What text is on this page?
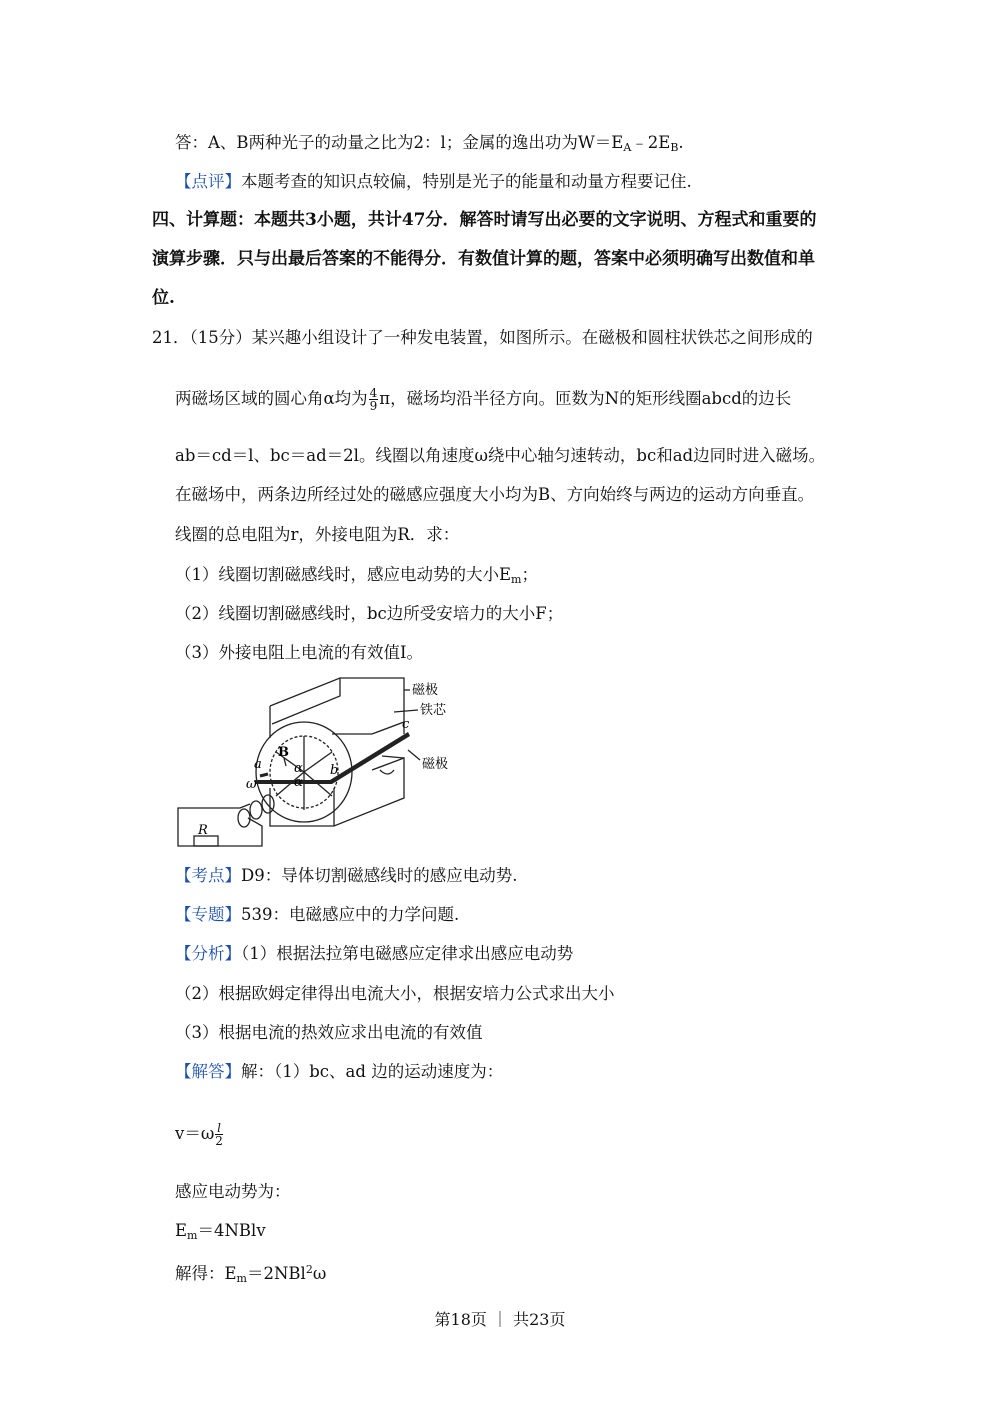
答：A、B两种光子的动量之比为2：l；金属的逸出功为$W=E_A﹣2E_B$.
【点评】本题考查的知识点较偏，特别是光子的能量和动量方程要记住.
四、计算题：本题共3小题，共计47分．解答时请写出必要的文字说明、方程式和重要的
演算步骤．只与出最后答案的不能得分．有数值计算的题，答案中必须明确写出数值和单
位.
21．（15分）某兴趣小组设计了一种发电装置，如图所示。在磁极和圆柱状铁芯之间形成的
两磁场区域的圆心角α均为 $\frac{4}{9}$ π，磁场均沿半径方向。匝数为N的矩形线圈abcd的边长
ab＝cd＝l、bc＝ad＝2l。线圈以角速度ω绕中心轴匀速转动，bc和ad边同时进入磁场。
在磁场中，两条边所经过处的磁感应强度大小均为B、方向始终与两边的运动方向垂直。
线圈的总电阻为r，外接电阻为R．求：
（1）线圈切割磁感线时，感应电动势的大小$E_m$；
（2）线圈切割磁感线时，bc边所受安培力的大小F；
（3）外接电阻上电流的有效值I。
磁极
铁芯
c
磁极
B
a α
α
b
ω
R
【考点】D9：导体切割磁感线时的感应电动势.
【专题】539：电磁感应中的力学问题.
【分析】（1）根据法拉第电磁感应定律求出感应电动势
（2）根据欧姆定律得出电流大小，根据安培力公式求出大小
（3）根据电流的热效应求出电流的有效值
【解答】解：（1）bc、ad 边的运动速度为：
$v=\omega \frac{l}{2}$
感应电动势为：
$E_m=4NBlv$
解得：$E_m=2NBl^2\omega$
第18页 ｜ 共23页
